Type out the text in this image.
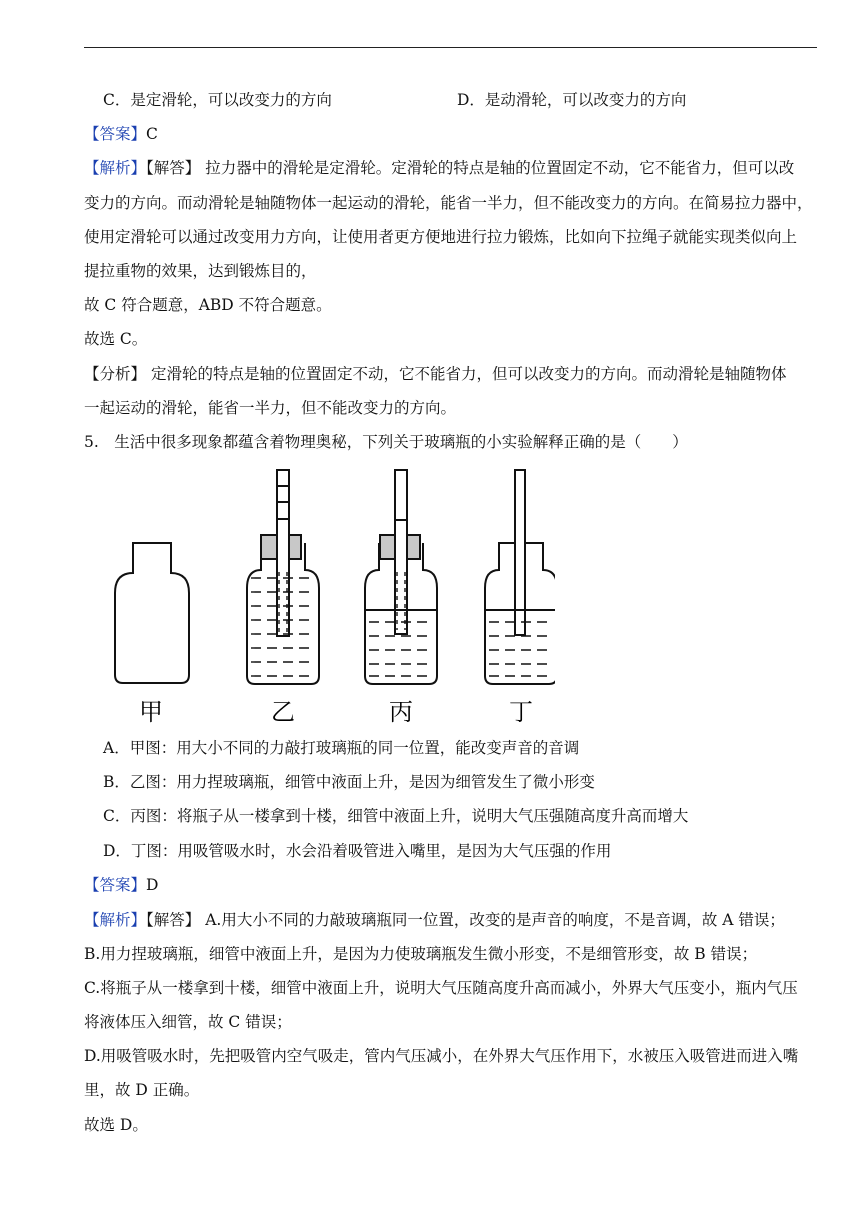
C．是定滑轮，可以改变力的方向	D．是动滑轮，可以改变力的方向
【答案】C
【解析】【解答】 拉力器中的滑轮是定滑轮。定滑轮的特点是轴的位置固定不动，它不能省力，但可以改
变力的方向。而动滑轮是轴随物体一起运动的滑轮，能省一半力，但不能改变力的方向。在简易拉力器中，
使用定滑轮可以通过改变用力方向，让使用者更方便地进行拉力锻炼，比如向下拉绳子就能实现类似向上
提拉重物的效果，达到锻炼目的，
故 C 符合题意，ABD 不符合题意。
故选 C。
【分析】 定滑轮的特点是轴的位置固定不动，它不能省力，但可以改变力的方向。而动滑轮是轴随物体
一起运动的滑轮，能省一半力，但不能改变力的方向。
5.　生活中很多现象都蕴含着物理奥秘，下列关于玻璃瓶的小实验解释正确的是（　　）
甲	乙	丙	丁
A．甲图：用大小不同的力敲打玻璃瓶的同一位置，能改变声音的音调
B．乙图：用力捏玻璃瓶，细管中液面上升，是因为细管发生了微小形变
C．丙图：将瓶子从一楼拿到十楼，细管中液面上升，说明大气压强随高度升高而增大
D．丁图：用吸管吸水时，水会沿着吸管进入嘴里，是因为大气压强的作用
【答案】D
【解析】【解答】 A.用大小不同的力敲玻璃瓶同一位置，改变的是声音的响度，不是音调，故 A 错误；
B.用力捏玻璃瓶，细管中液面上升，是因为力使玻璃瓶发生微小形变，不是细管形变，故 B 错误；
C.将瓶子从一楼拿到十楼，细管中液面上升，说明大气压随高度升高而减小，外界大气压变小，瓶内气压
将液体压入细管，故 C 错误；
D.用吸管吸水时，先把吸管内空气吸走，管内气压减小，在外界大气压作用下，水被压入吸管进而进入嘴
里，故 D 正确。
故选 D。
